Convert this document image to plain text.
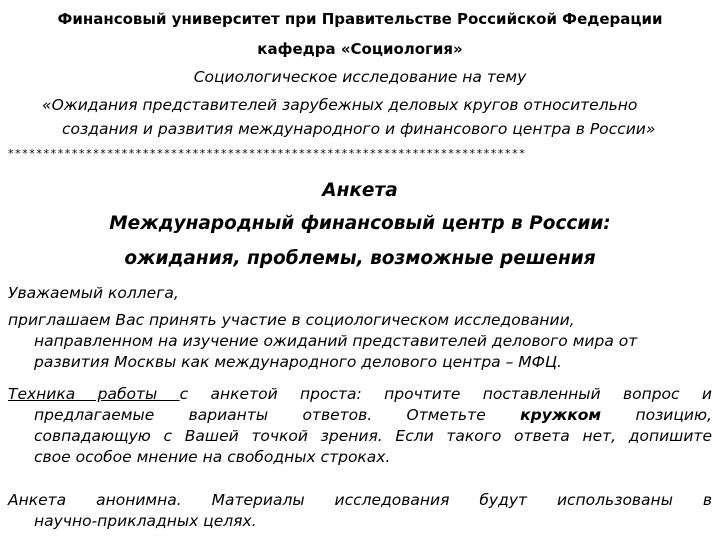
Финансовый университет при Правительстве Российской Федерации
кафедра «Социология»
Социологическое исследование на тему
«Ожидания представителей зарубежных деловых кругов относительно
создания и развития международного и финансового центра в России»
*************************************************************************
Анкета
Международный финансовый центр в России:
ожидания, проблемы, возможные решения
Уважаемый коллега,
приглашаем Вас принять участие в социологическом исследовании,
направленном на изучение ожиданий представителей делового мира от
развития Москвы как международного делового центра – МФЦ.
Техника работы с анкетой проста: прочтите поставленный вопрос и
предлагаемые варианты ответов. Отметьте кружком позицию,
совпадающую с Вашей точкой зрения. Если такого ответа нет, допишите
свое особое мнение на свободных строках.
Анкета анонимна. Материалы исследования будут использованы в
научно-прикладных целях.
